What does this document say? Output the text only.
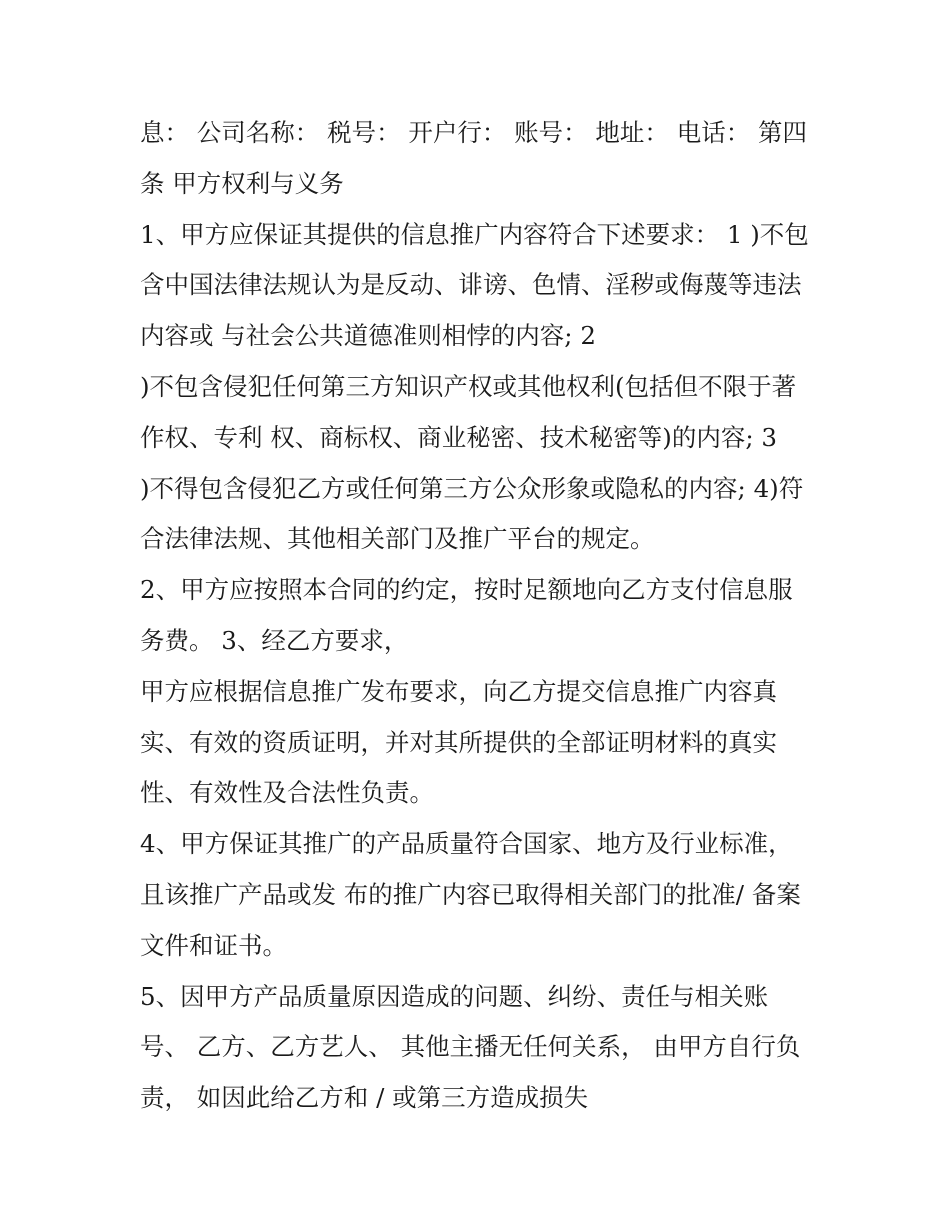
息： 公司名称： 税号： 开户行： 账号： 地址： 电话： 第四
条 甲方权利与义务
1、甲方应保证其提供的信息推广内容符合下述要求： 1 )不包
含中国法律法规认为是反动、诽谤、色情、淫秽或侮蔑等违法
内容或 与社会公共道德准则相悖的内容; 2
)不包含侵犯任何第三方知识产权或其他权利(包括但不限于著
作权、专利 权、商标权、商业秘密、技术秘密等)的内容; 3
)不得包含侵犯乙方或任何第三方公众形象或隐私的内容; 4)符
合法律法规、其他相关部门及推广平台的规定。
2、甲方应按照本合同的约定，按时足额地向乙方支付信息服
务费。 3、经乙方要求，
甲方应根据信息推广发布要求，向乙方提交信息推广内容真
实、有效的资质证明，并对其所提供的全部证明材料的真实
性、有效性及合法性负责。
4、甲方保证其推广的产品质量符合国家、地方及行业标准，
且该推广产品或发 布的推广内容已取得相关部门的批准/ 备案
文件和证书。
5、因甲方产品质量原因造成的问题、纠纷、责任与相关账
号、 乙方、乙方艺人、 其他主播无任何关系， 由甲方自行负
责， 如因此给乙方和 / 或第三方造成损失
